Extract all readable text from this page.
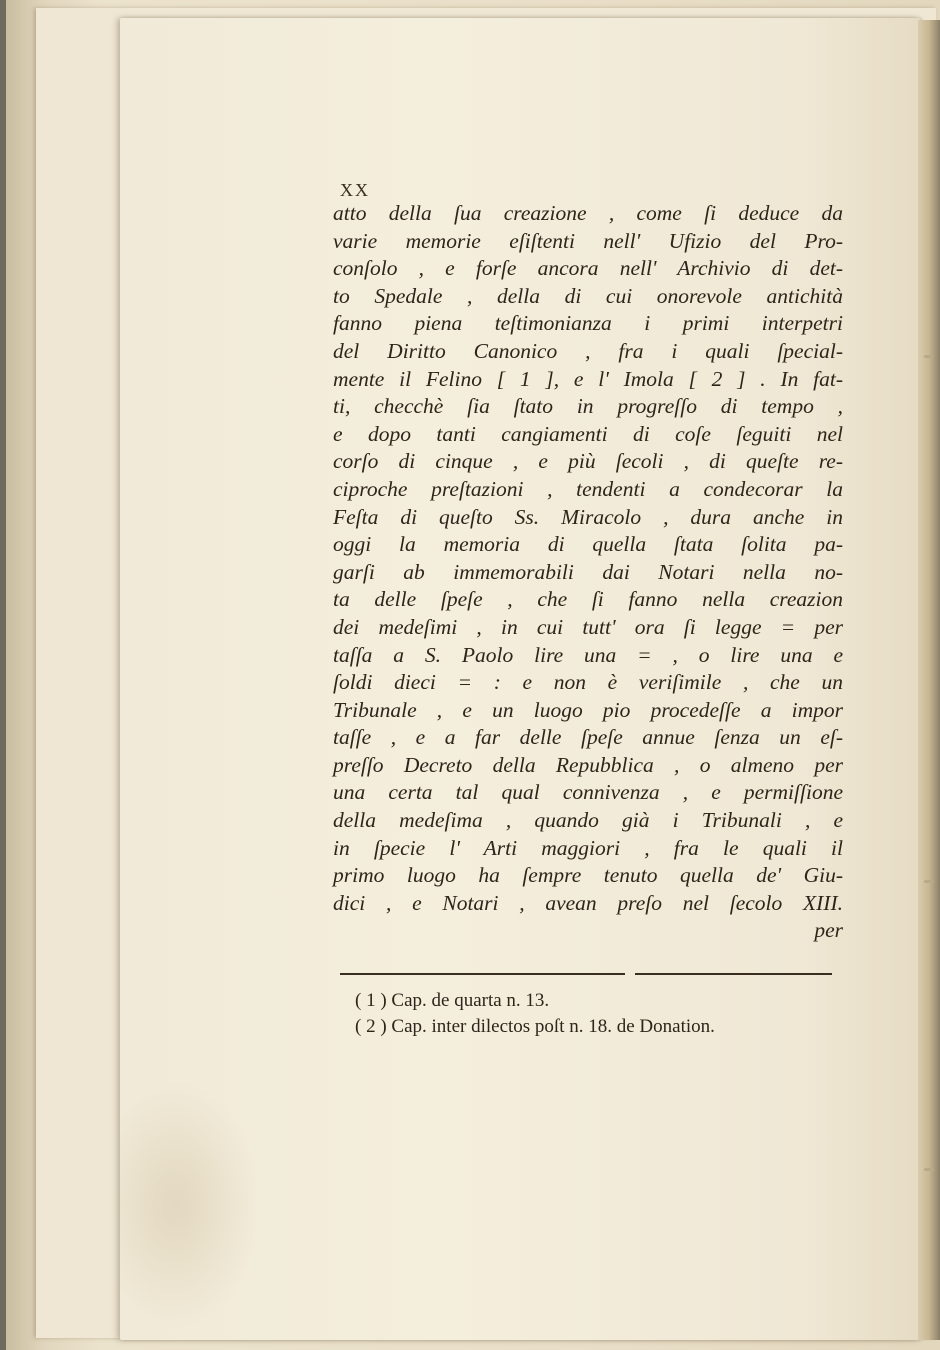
XX
atto della ſua creazione , come ſi deduce da
varie memorie eſiſtenti nell' Ufizio del Pro-
conſolo , e forſe ancora nell' Archivio di det-
to Spedale , della di cui onorevole antichità
fanno piena teſtimonianza i primi interpetri
del Diritto Canonico , fra i quali ſpecial-
mente il Felino [ 1 ], e l' Imola [ 2 ] . In fat-
ti, checchè ſia ſtato in progreſſo di tempo ,
e dopo tanti cangiamenti di coſe ſeguiti nel
corſo di cinque , e più ſecoli , di queſte re-
ciproche preſtazioni , tendenti a condecorar la
Feſta di queſto Ss. Miracolo , dura anche in
oggi la memoria di quella ſtata ſolita pa-
garſi ab immemorabili dai Notari nella no-
ta delle ſpeſe , che ſi fanno nella creazion
dei medeſimi , in cui tutt' ora ſi legge = per
taſſa a S. Paolo lire una = , o lire una e
ſoldi dieci = : e non è veriſimile , che un
Tribunale , e un luogo pio procedeſſe a impor
taſſe , e a far delle ſpeſe annue ſenza un eſ-
preſſo Decreto della Repubblica , o almeno per
una certa tal qual connivenza , e permiſſione
della medeſima , quando già i Tribunali , e
in ſpecie l' Arti maggiori , fra le quali il
primo luogo ha ſempre tenuto quella de' Giu-
dici , e Notari , avean preſo nel ſecolo XIII.
per
( 1 ) Cap. de quarta n. 13.
( 2 ) Cap. inter dilectos poſt n. 18. de Donation.
